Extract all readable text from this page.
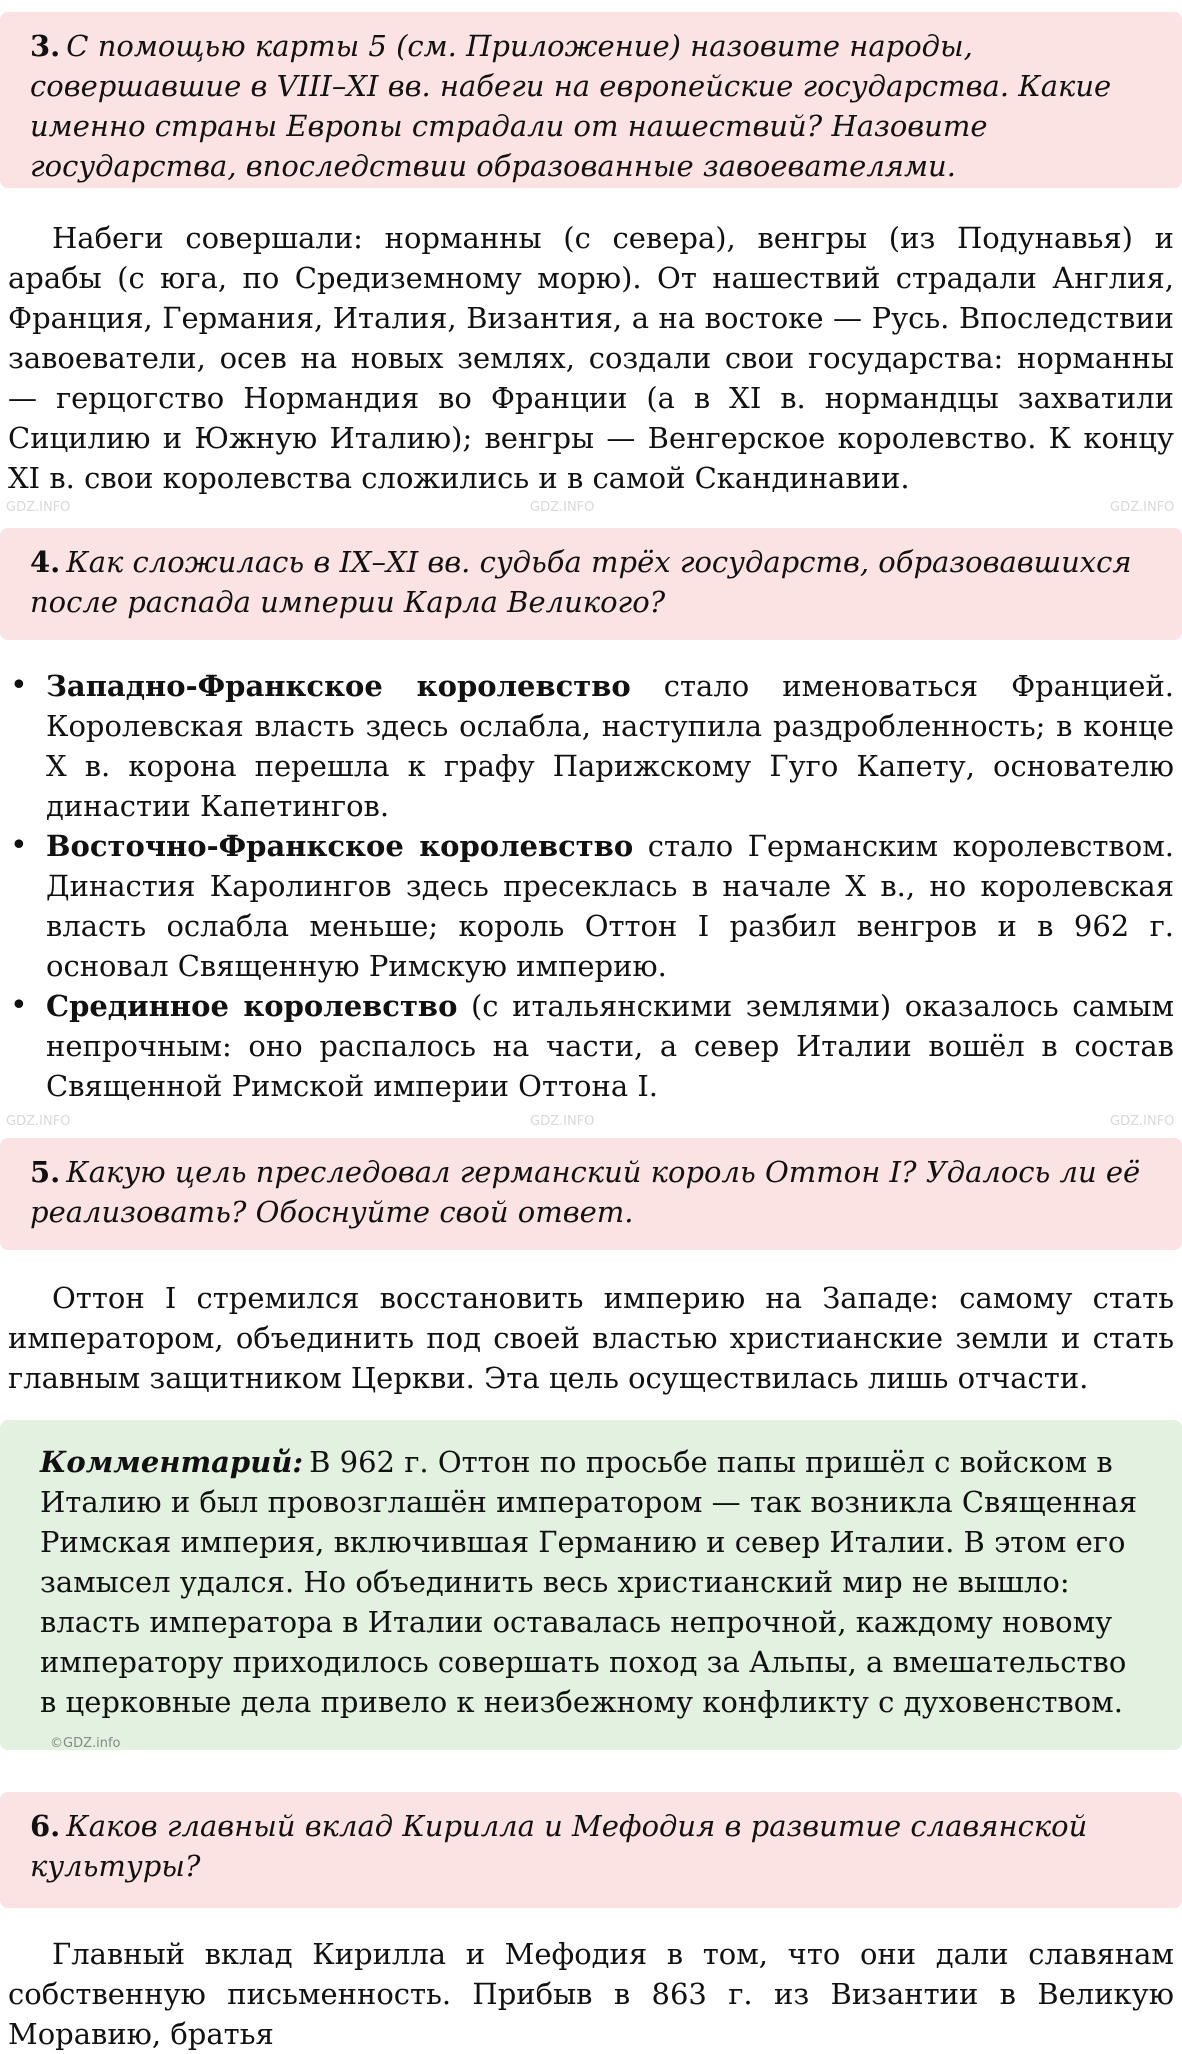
3. С помощью карты 5 (см. Приложение) назовите народы, совершавшие в VIII–XI вв. набеги на европейские государства. Какие именно страны Европы страдали от нашествий? Назовите государства, впоследствии образованные завоевателями.
Набеги совершали: норманны (с севера), венгры (из Подунавья) и арабы (с юга, по Средиземному морю). От нашествий страдали Англия, Франция, Германия, Италия, Византия, а на востоке — Русь. Впоследствии завоеватели, осев на новых землях, создали свои государства: норманны — герцогство Нормандия во Франции (а в XI в. нормандцы захватили Сицилию и Южную Италию); венгры — Венгерское королевство. К концу XI в. свои королевства сложились и в самой Скандинавии.
4. Как сложилась в IX–XI вв. судьба трёх государств, образовавшихся после распада империи Карла Великого?
• Западно-Франкское королевство стало именоваться Францией. Королевская власть здесь ослабла, наступила раздробленность; в конце X в. корона перешла к графу Парижскому Гуго Капету, основателю династии Капетингов.
• Восточно-Франкское королевство стало Германским королевством. Династия Каролингов здесь пресеклась в начале X в., но королевская власть ослабла меньше; король Оттон I разбил венгров и в 962 г. основал Священную Римскую империю.
• Срединное королевство (с итальянскими землями) оказалось самым непрочным: оно распалось на части, а север Италии вошёл в состав Священной Римской империи Оттона I.
5. Какую цель преследовал германский король Оттон I? Удалось ли её реализовать? Обоснуйте свой ответ.
Оттон I стремился восстановить империю на Западе: самому стать императором, объединить под своей властью христианские земли и стать главным защитником Церкви. Эта цель осуществилась лишь отчасти.
Комментарий: В 962 г. Оттон по просьбе папы пришёл с войском в Италию и был провозглашён императором — так возникла Священная Римская империя, включившая Германию и север Италии. В этом его замысел удался. Но объединить весь христианский мир не вышло: власть императора в Италии оставалась непрочной, каждому новому императору приходилось совершать поход за Альпы, а вмешательство в церковные дела привело к неизбежному конфликту с духовенством.©GDZ.info
6. Каков главный вклад Кирилла и Мефодия в развитие славянской культуры?
Главный вклад Кирилла и Мефодия в том, что они дали славянам собственную письменность. Прибыв в 863 г. из Византии в Великую Моравию, братья
GDZ.INFO	GDZ.INFO	GDZ.INFO
GDZ.INFO	GDZ.INFO	GDZ.INFO
